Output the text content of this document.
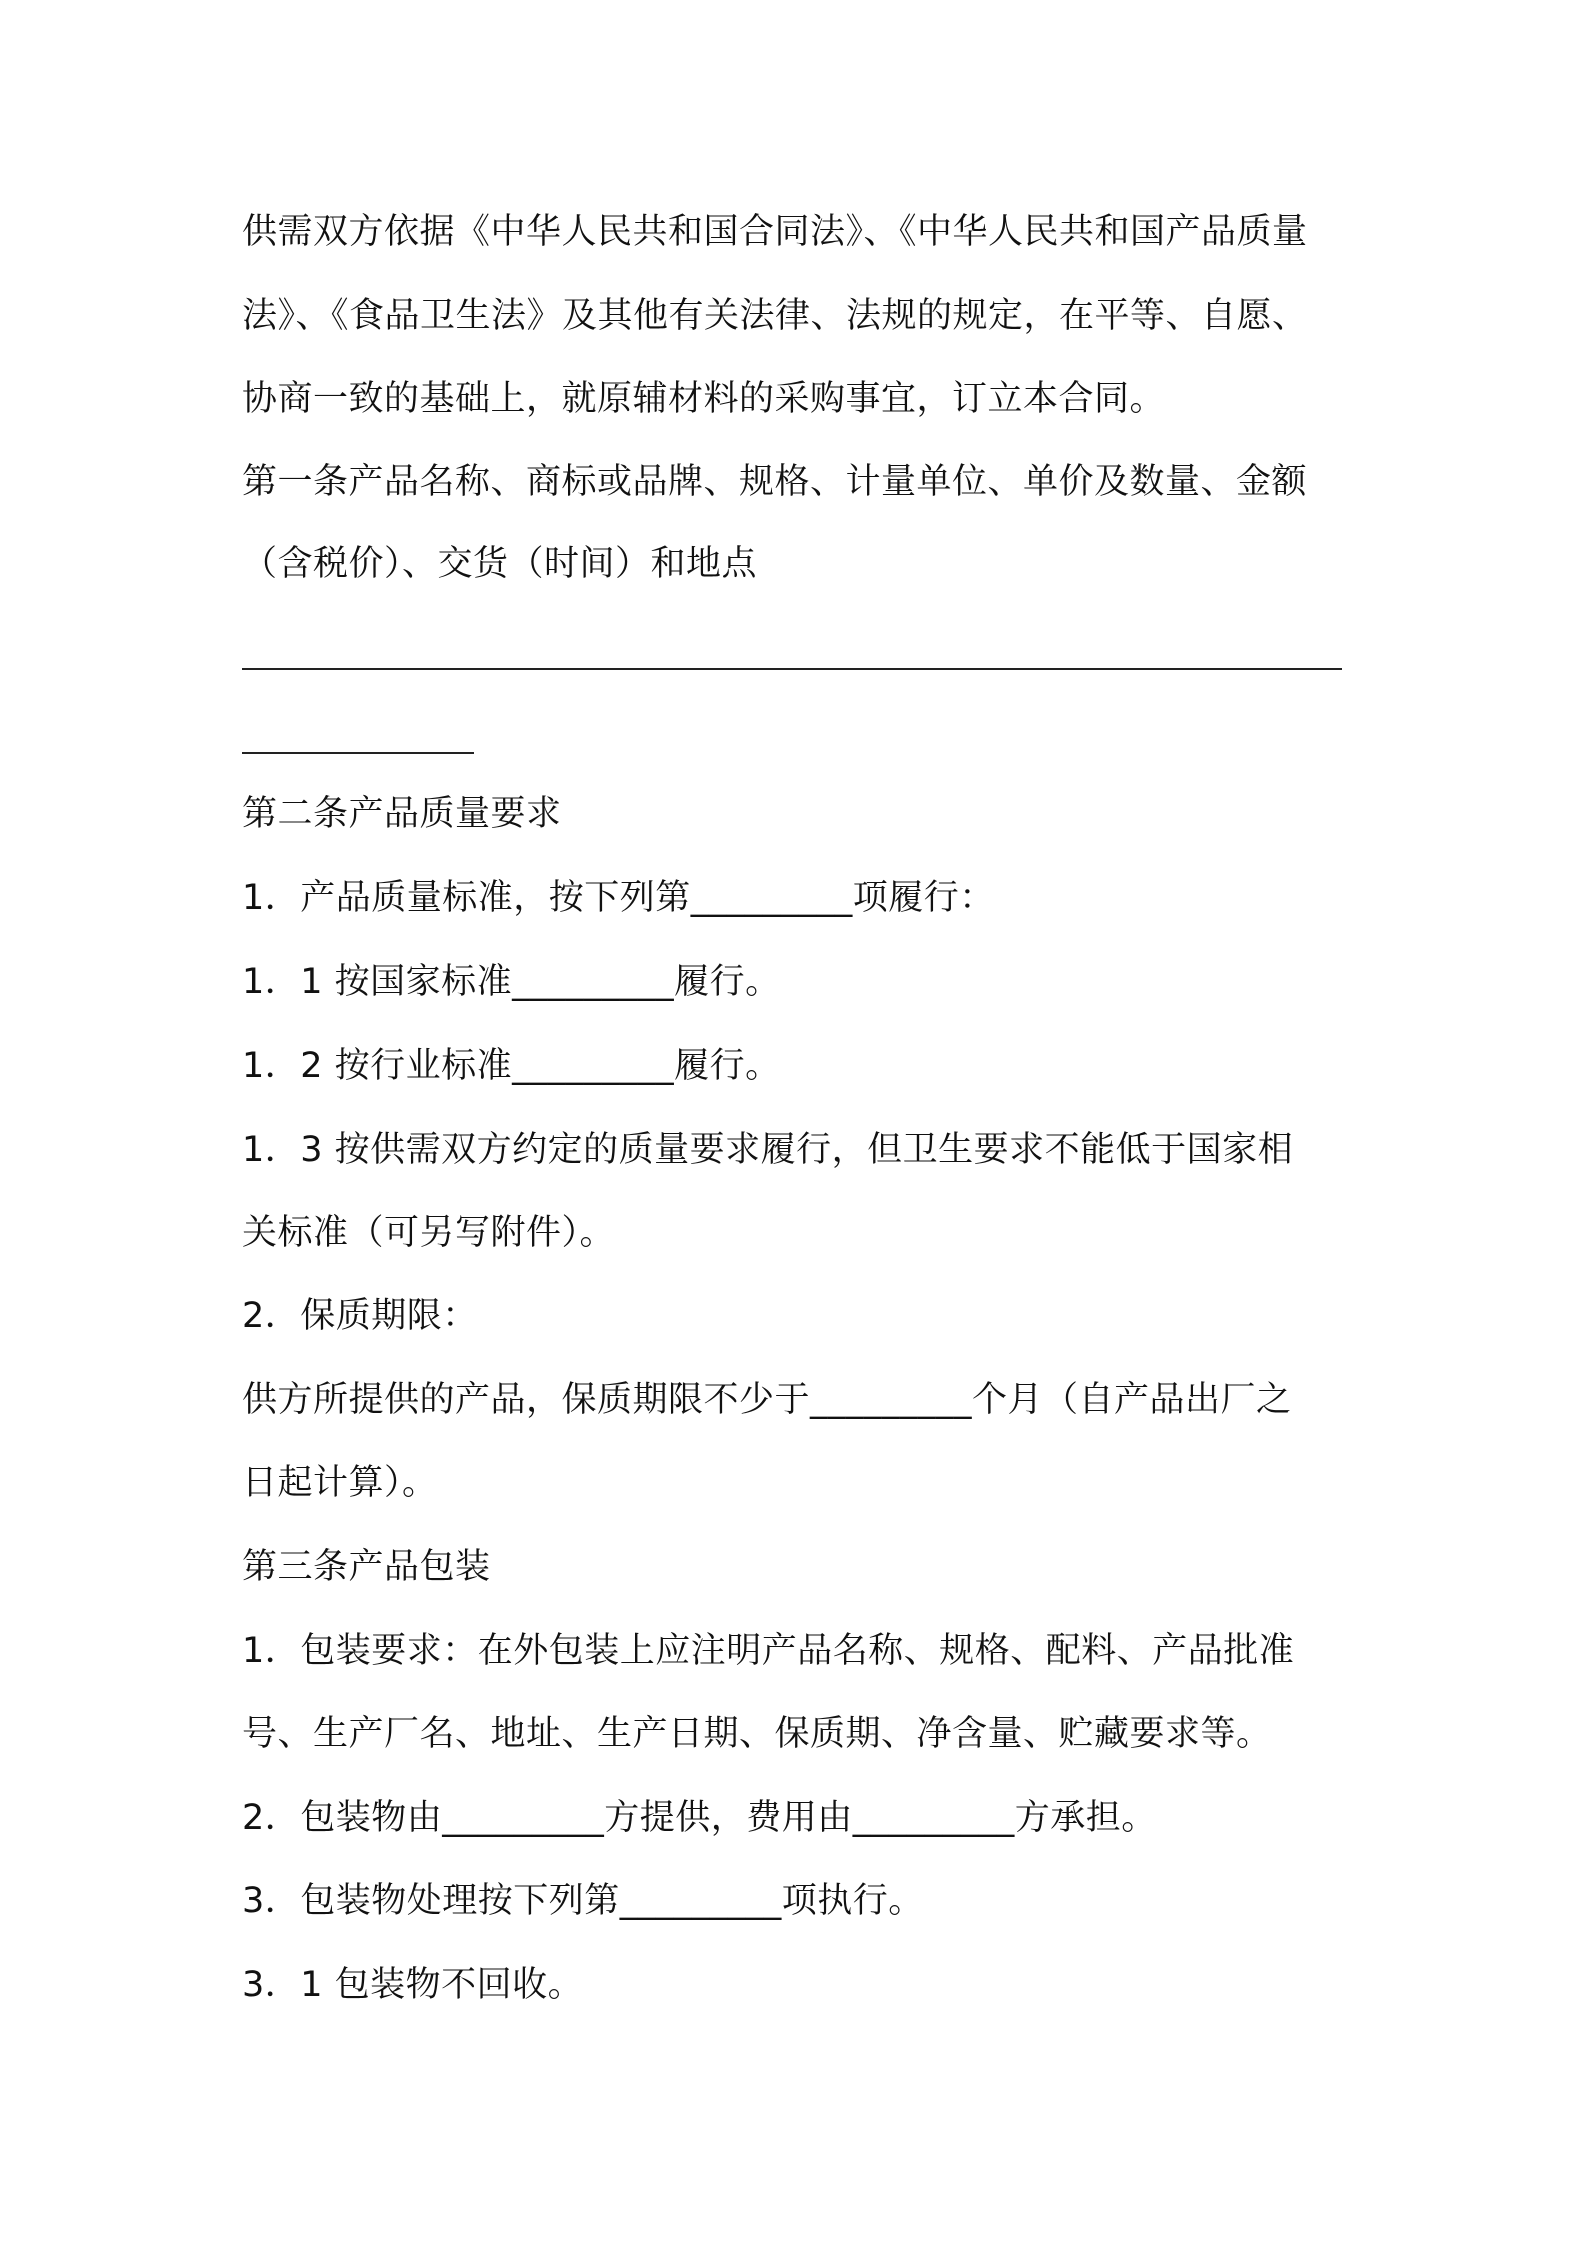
供需双方依据《中华人民共和国合同法》、《中华人民共和国产品质量
法》、《食品卫生法》及其他有关法律、法规的规定，在平等、自愿、
协商一致的基础上，就原辅材料的采购事宜，订立本合同。
第一条产品名称、商标或品牌、规格、计量单位、单价及数量、金额
（含税价）、交货（时间）和地点
第二条产品质量要求
1．产品质量标准，按下列第_________项履行：
1．1 按国家标准_________履行。
1．2 按行业标准_________履行。
1．3 按供需双方约定的质量要求履行，但卫生要求不能低于国家相
关标准（可另写附件）。
2．保质期限：
供方所提供的产品，保质期限不少于_________个月（自产品出厂之
日起计算）。
第三条产品包装
1．包装要求：在外包装上应注明产品名称、规格、配料、产品批准
号、生产厂名、地址、生产日期、保质期、净含量、贮藏要求等。
2．包装物由_________方提供，费用由_________方承担。
3．包装物处理按下列第_________项执行。
3．1 包装物不回收。
